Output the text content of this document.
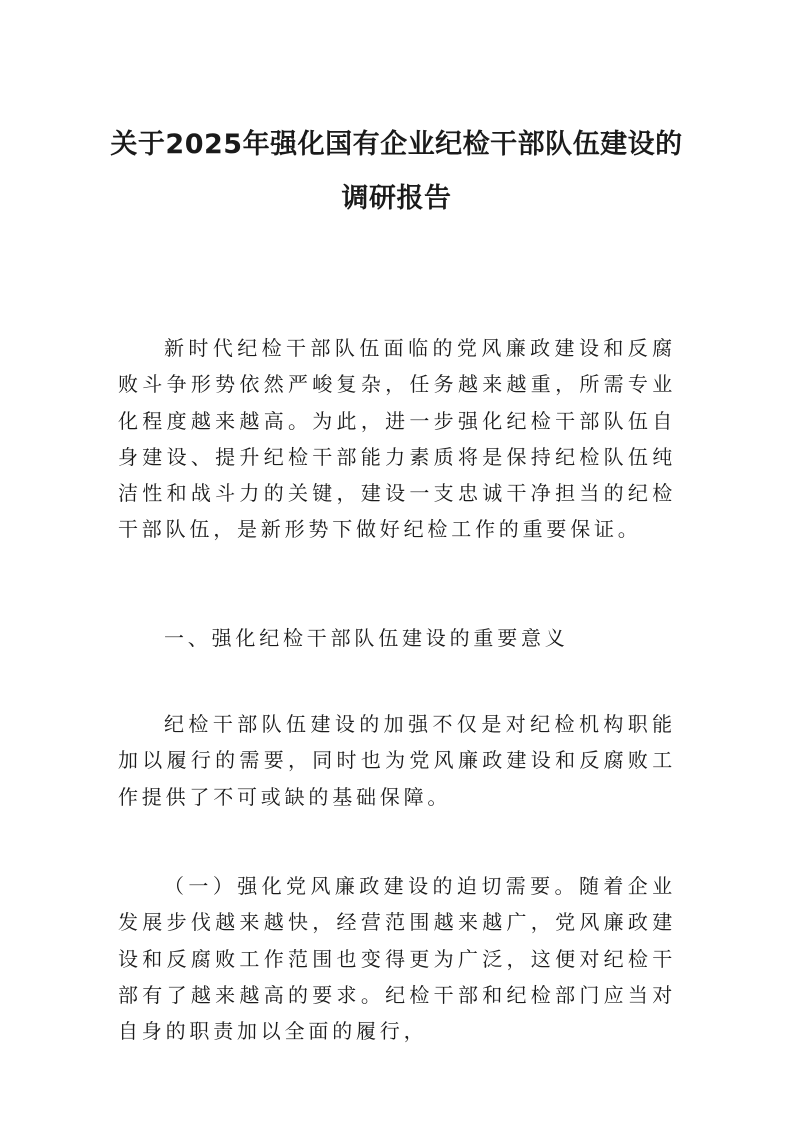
关于2025年强化国有企业纪检干部队伍建设的调研报告

新时代纪检干部队伍面临的党风廉政建设和反腐败斗争形势依然严峻复杂，任务越来越重，所需专业化程度越来越高。为此，进一步强化纪检干部队伍自身建设、提升纪检干部能力素质将是保持纪检队伍纯洁性和战斗力的关键，建设一支忠诚干净担当的纪检干部队伍，是新形势下做好纪检工作的重要保证。

一、强化纪检干部队伍建设的重要意义

纪检干部队伍建设的加强不仅是对纪检机构职能加以履行的需要，同时也为党风廉政建设和反腐败工作提供了不可或缺的基础保障。

（一）强化党风廉政建设的迫切需要。随着企业发展步伐越来越快，经营范围越来越广，党风廉政建设和反腐败工作范围也变得更为广泛，这便对纪检干部有了越来越高的要求。纪检干部和纪检部门应当对自身的职责加以全面的履行，
